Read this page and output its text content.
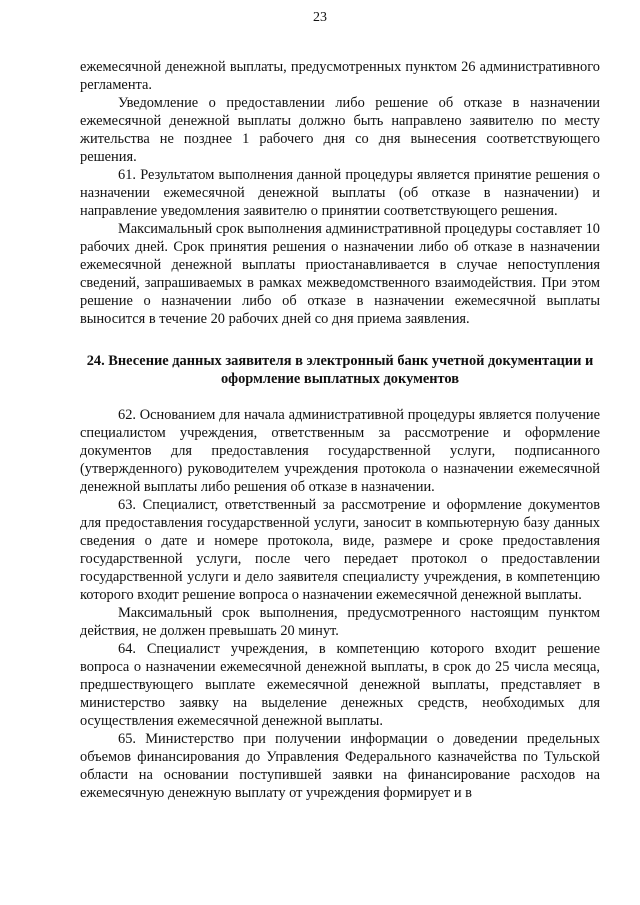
23

ежемесячной денежной выплаты, предусмотренных пунктом 26 административного регламента.

Уведомление о предоставлении либо решение об отказе в назначении ежемесячной денежной выплаты должно быть направлено заявителю по месту жительства не позднее 1 рабочего дня со дня вынесения соответствующего решения.

61. Результатом выполнения данной процедуры является принятие решения о назначении ежемесячной денежной выплаты (об отказе в назначении) и направление уведомления заявителю о принятии соответствующего решения.

Максимальный срок выполнения административной процедуры составляет 10 рабочих дней. Срок принятия решения о назначении либо об отказе в назначении ежемесячной денежной выплаты приостанавливается в случае непоступления сведений, запрашиваемых в рамках межведомственного взаимодействия. При этом решение о назначении либо об отказе в назначении ежемесячной выплаты выносится в течение 20 рабочих дней со дня приема заявления.

24. Внесение данных заявителя в электронный банк учетной документации и оформление выплатных документов

62. Основанием для начала административной процедуры является получение специалистом учреждения, ответственным за рассмотрение и оформление документов для предоставления государственной услуги, подписанного (утвержденного) руководителем учреждения протокола о назначении ежемесячной денежной выплаты либо решения об отказе в назначении.

63. Специалист, ответственный за рассмотрение и оформление документов для предоставления государственной услуги, заносит в компьютерную базу данных сведения о дате и номере протокола, виде, размере и сроке предоставления государственной услуги, после чего передает протокол о предоставлении государственной услуги и дело заявителя специалисту учреждения, в компетенцию которого входит решение вопроса о назначении ежемесячной денежной выплаты.

Максимальный срок выполнения, предусмотренного настоящим пунктом действия, не должен превышать 20 минут.

64. Специалист учреждения, в компетенцию которого входит решение вопроса о назначении ежемесячной денежной выплаты, в срок до 25 числа месяца, предшествующего выплате ежемесячной денежной выплаты, представляет в министерство заявку на выделение денежных средств, необходимых для осуществления ежемесячной денежной выплаты.

65. Министерство при получении информации о доведении предельных объемов финансирования до Управления Федерального казначейства по Тульской области на основании поступившей заявки на финансирование расходов на ежемесячную денежную выплату от учреждения формирует и в
